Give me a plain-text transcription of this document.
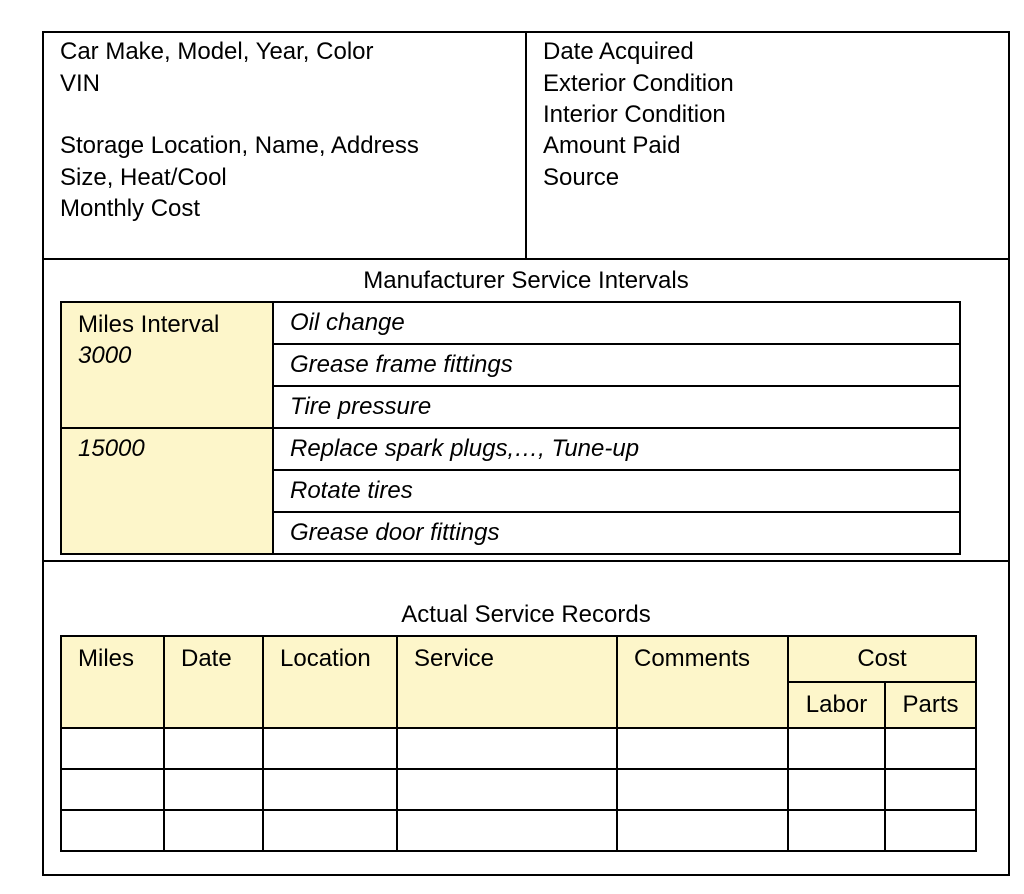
Car Make, Model, Year, Color
VIN
Storage Location, Name, Address
Size, Heat/Cool
Monthly Cost
Date Acquired
Exterior Condition
Interior Condition
Amount Paid
Source
Manufacturer Service Intervals
Miles Interval
3000	Oil change
	Grease frame fittings
	Tire pressure
15000	Replace spark plugs,…, Tune-up
	Rotate tires
	Grease door fittings
Actual Service Records
Miles	Date	Location	Service	Comments	Cost	
					Labor	Parts
